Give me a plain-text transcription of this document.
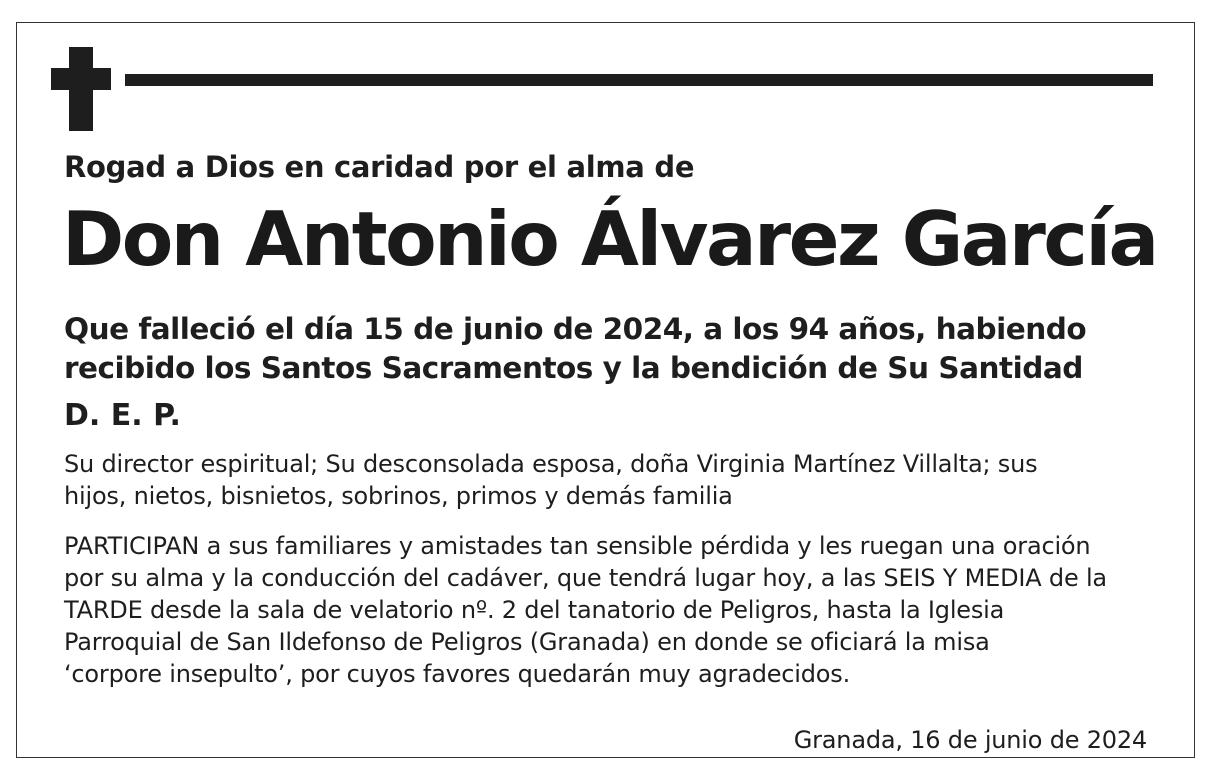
Rogad a Dios en caridad por el alma de
Don Antonio Álvarez García
Que falleció el día 15 de junio de 2024, a los 94 años, habiendo
recibido los Santos Sacramentos y la bendición de Su Santidad
D. E. P.
Su director espiritual; Su desconsolada esposa, doña Virginia Martínez Villalta; sus
hijos, nietos, bisnietos, sobrinos, primos y demás familia
PARTICIPAN a sus familiares y amistades tan sensible pérdida y les ruegan una oración
por su alma y la conducción del cadáver, que tendrá lugar hoy, a las SEIS Y MEDIA de la
TARDE desde la sala de velatorio nº. 2 del tanatorio de Peligros, hasta la Iglesia
Parroquial de San Ildefonso de Peligros (Granada) en donde se oficiará la misa
‘corpore insepulto’, por cuyos favores quedarán muy agradecidos.
Granada, 16 de junio de 2024
